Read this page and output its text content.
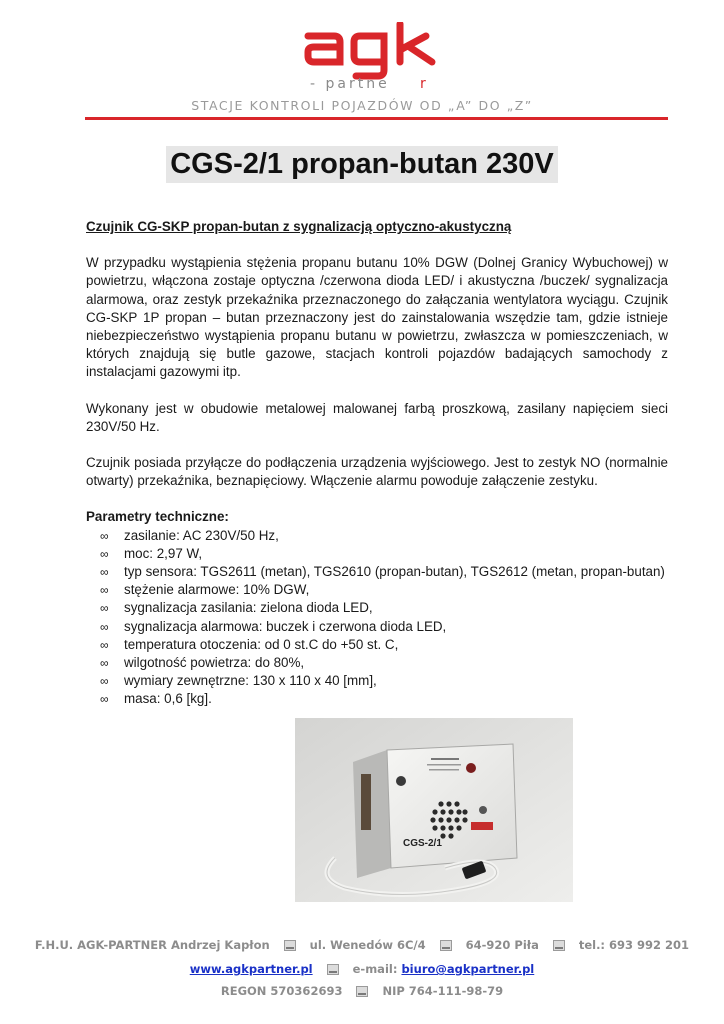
- partne r
STACJE KONTROLI POJAZDÓW OD „A” DO „Z”
CGS-2/1 propan-butan 230V
Czujnik CG-SKP propan-butan z sygnalizacją optyczno-akustyczną

W przypadku wystąpienia stężenia propanu butanu 10% DGW (Dolnej Granicy Wybuchowej) w powietrzu, włączona zostaje optyczna /czerwona dioda LED/ i akustyczna /buczek/ sygnalizacja alarmowa, oraz zestyk przekaźnika przeznaczonego do załączania wentylatora wyciągu. Czujnik CG-SKP 1P propan – butan przeznaczony jest do zainstalowania wszędzie tam, gdzie istnieje niebezpieczeństwo wystąpienia propanu butanu w powietrzu, zwłaszcza w pomieszczeniach, w których znajdują się butle gazowe, stacjach kontroli pojazdów badających samochody z instalacjami gazowymi itp.

Wykonany jest w obudowie metalowej malowanej farbą proszkową, zasilany napięciem sieci 230V/50 Hz.

Czujnik posiada przyłącze do podłączenia urządzenia wyjściowego. Jest to zestyk NO (normalnie otwarty) przekaźnika, beznapięciowy. Włączenie alarmu powoduje załączenie zestyku.

Parametry techniczne:
∞ zasilanie: AC 230V/50 Hz,
∞ moc: 2,97 W,
∞ typ sensora: TGS2611 (metan), TGS2610 (propan-butan), TGS2612 (metan, propan-butan)
∞ stężenie alarmowe: 10% DGW,
∞ sygnalizacja zasilania: zielona dioda LED,
∞ sygnalizacja alarmowa: buczek i czerwona dioda LED,
∞ temperatura otoczenia: od 0 st.C do +50 st. C,
∞ wilgotność powietrza: do 80%,
∞ wymiary zewnętrzne: 130 x 110 x 40 [mm],
∞ masa: 0,6 [kg].
CGS-2/1
F.H.U. AGK-PARTNER Andrzej Kapłon	ul. Wenedów 6C/4	64-920 Piła	tel.: 693 992 201
www.agkpartner.pl	e-mail: biuro@agkpartner.pl
REGON 570362693	NIP 764-111-98-79
